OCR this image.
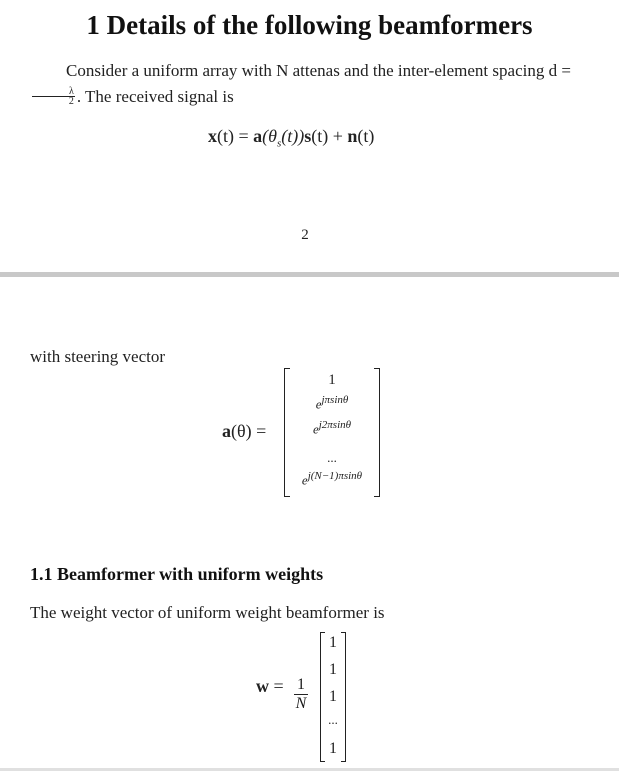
1 Details of the following beamformers

Consider a uniform array with N attenas and the inter-element spacing d =
$\frac{\lambda}{2}$ . The received signal is

$x(t) = a(\theta_s(t))s(t) + n(t)$
2

with steering vector

a(θ) =
1
$e^{j\pi sin\theta}$
$e^{j2\pi sin\theta}$
...
$e^{j(N-1)\pi sin\theta}$
1.1 Beamformer with uniform weights

The weight vector of uniform weight beamformer is

$w = \frac{1}{N}$
1
1
1
...
1
